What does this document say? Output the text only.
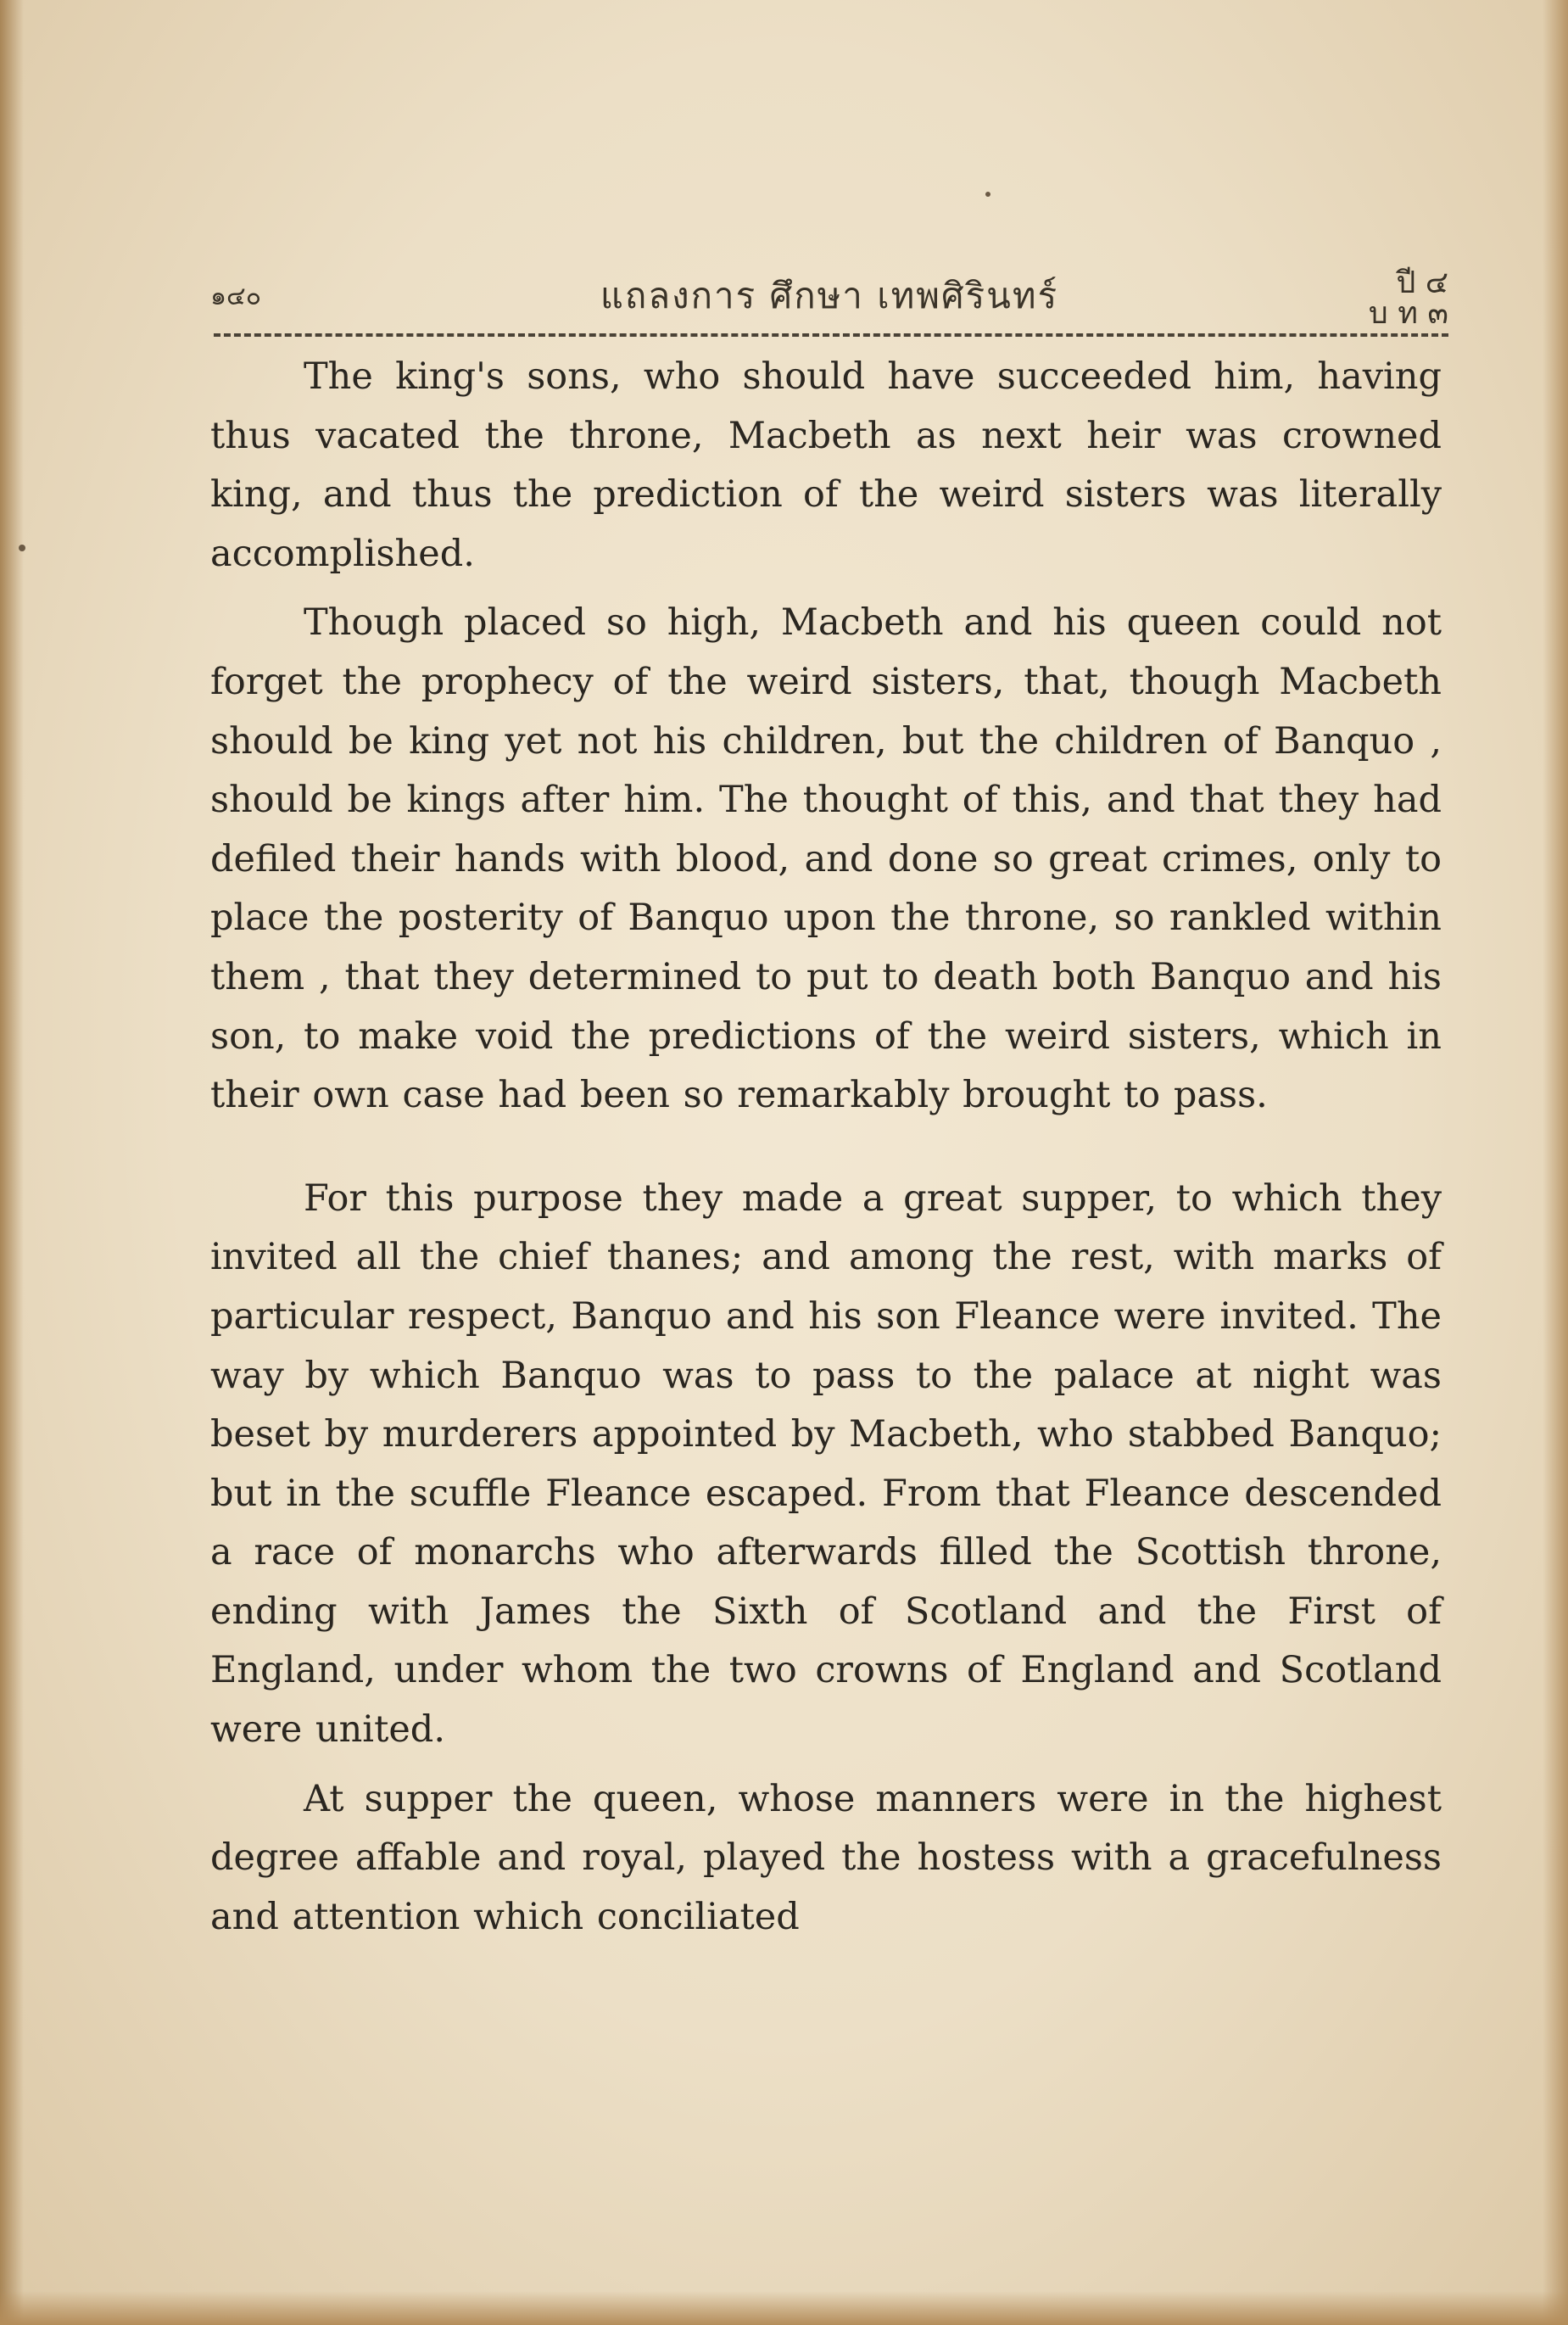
๑๔๐	แถลงการ ศึกษา เทพศิรินทร์	ปี ๔
บ ท ๓

The king's sons, who should have succeeded him, having thus vacated the throne, Macbeth as next heir was crowned king, and thus the prediction of the weird sisters was literally accomplished.

Though placed so high, Macbeth and his queen could not forget the prophecy of the weird sisters, that, though Macbeth should be king yet not his children, but the children of Banquo , should be kings after him. The thought of this, and that they had defiled their hands with blood, and done so great crimes, only to place the posterity of Banquo upon the throne, so rankled within them , that they determined to put to death both Banquo and his son, to make void the predictions of the weird sisters, which in their own case had been so remarkably brought to pass.

For this purpose they made a great supper, to which they invited all the chief thanes; and among the rest, with marks of particular respect, Banquo and his son Fleance were invited. The way by which Banquo was to pass to the palace at night was beset by murderers appointed by Macbeth, who stabbed Banquo; but in the scuffle Fleance escaped. From that Fleance descended a race of monarchs who afterwards filled the Scottish throne, ending with James the Sixth of Scotland and the First of England, under whom the two crowns of England and Scotland were united.

At supper the queen, whose manners were in the highest degree affable and royal, played the hostess with a gracefulness and attention which conciliated
